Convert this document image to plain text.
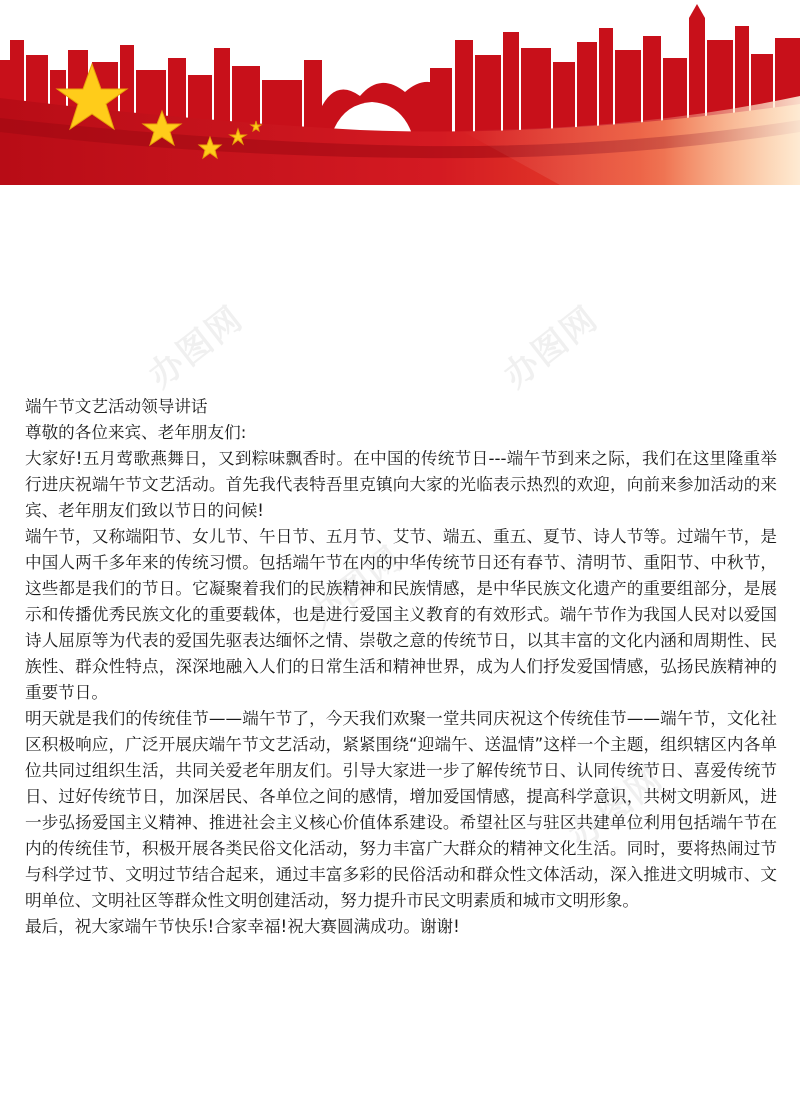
办图网	办图网
办图网
办图网

端午节文艺活动领导讲话

尊敬的各位来宾、老年朋友们:

大家好!五月莺歌燕舞日，又到粽味飘香时。在中国的传统节日---端午节到来之际，我们在这里隆重举行进庆祝端午节文艺活动。首先我代表特吾里克镇向大家的光临表示热烈的欢迎，向前来参加活动的来宾、老年朋友们致以节日的问候!

端午节，又称端阳节、女儿节、午日节、五月节、艾节、端五、重五、夏节、诗人节等。过端午节，是中国人两千多年来的传统习惯。包括端午节在内的中华传统节日还有春节、清明节、重阳节、中秋节，这些都是我们的节日。它凝聚着我们的民族精神和民族情感，是中华民族文化遗产的重要组部分，是展示和传播优秀民族文化的重要载体，也是进行爱国主义教育的有效形式。端午节作为我国人民对以爱国诗人屈原等为代表的爱国先驱表达缅怀之情、崇敬之意的传统节日，以其丰富的文化内涵和周期性、民族性、群众性特点，深深地融入人们的日常生活和精神世界，成为人们抒发爱国情感，弘扬民族精神的重要节日。

明天就是我们的传统佳节——端午节了，今天我们欢聚一堂共同庆祝这个传统佳节——端午节，文化社区积极响应，广泛开展庆端午节文艺活动，紧紧围绕“迎端午、送温情”这样一个主题，组织辖区内各单位共同过组织生活，共同关爱老年朋友们。引导大家进一步了解传统节日、认同传统节日、喜爱传统节日、过好传统节日，加深居民、各单位之间的感情，增加爱国情感，提高科学意识，共树文明新风，进一步弘扬爱国主义精神、推进社会主义核心价值体系建设。希望社区与驻区共建单位利用包括端午节在内的传统佳节，积极开展各类民俗文化活动，努力丰富广大群众的精神文化生活。同时，要将热闹过节与科学过节、文明过节结合起来，通过丰富多彩的民俗活动和群众性文体活动，深入推进文明城市、文明单位、文明社区等群众性文明创建活动，努力提升市民文明素质和城市文明形象。

最后，祝大家端午节快乐!合家幸福!祝大赛圆满成功。谢谢!
